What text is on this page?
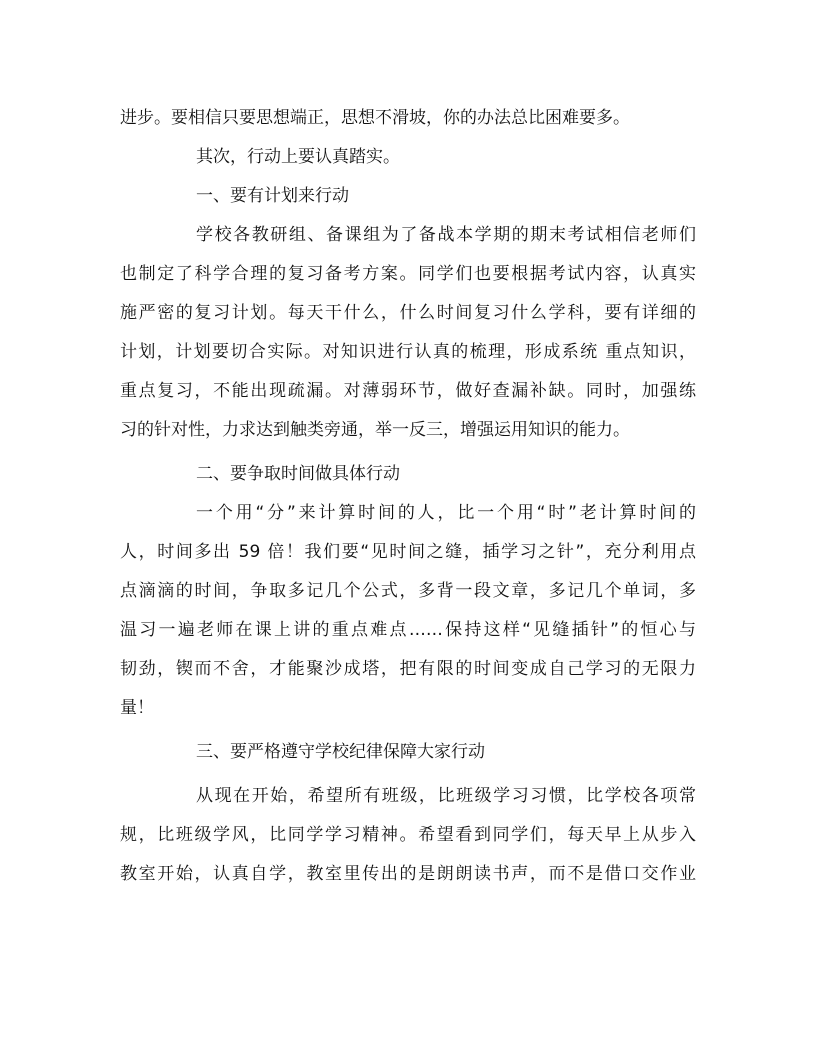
进步。要相信只要思想端正，思想不滑坡，你的办法总比困难要多。
其次，行动上要认真踏实。
一、要有计划来行动
学校各教研组、备课组为了备战本学期的期末考试相信老师们
也制定了科学合理的复习备考方案。同学们也要根据考试内容，认真实
施严密的复习计划。每天干什么，什么时间复习什么学科，要有详细的
计划，计划要切合实际。对知识进行认真的梳理，形成系统 重点知识，
重点复习，不能出现疏漏。对薄弱环节，做好查漏补缺。同时，加强练
习的针对性，力求达到触类旁通，举一反三，增强运用知识的能力。
二、要争取时间做具体行动
一个用“分”来计算时间的人，比一个用“时”老计算时间的
人，时间多出 59 倍！我们要“见时间之缝，插学习之针”，充分利用点
点滴滴的时间，争取多记几个公式，多背一段文章，多记几个单词，多
温习一遍老师在课上讲的重点难点……保持这样“见缝插针”的恒心与
韧劲，锲而不舍，才能聚沙成塔，把有限的时间变成自己学习的无限力
量！
三、要严格遵守学校纪律保障大家行动
从现在开始，希望所有班级，比班级学习习惯，比学校各项常
规，比班级学风，比同学学习精神。希望看到同学们，每天早上从步入
教室开始，认真自学，教室里传出的是朗朗读书声，而不是借口交作业
